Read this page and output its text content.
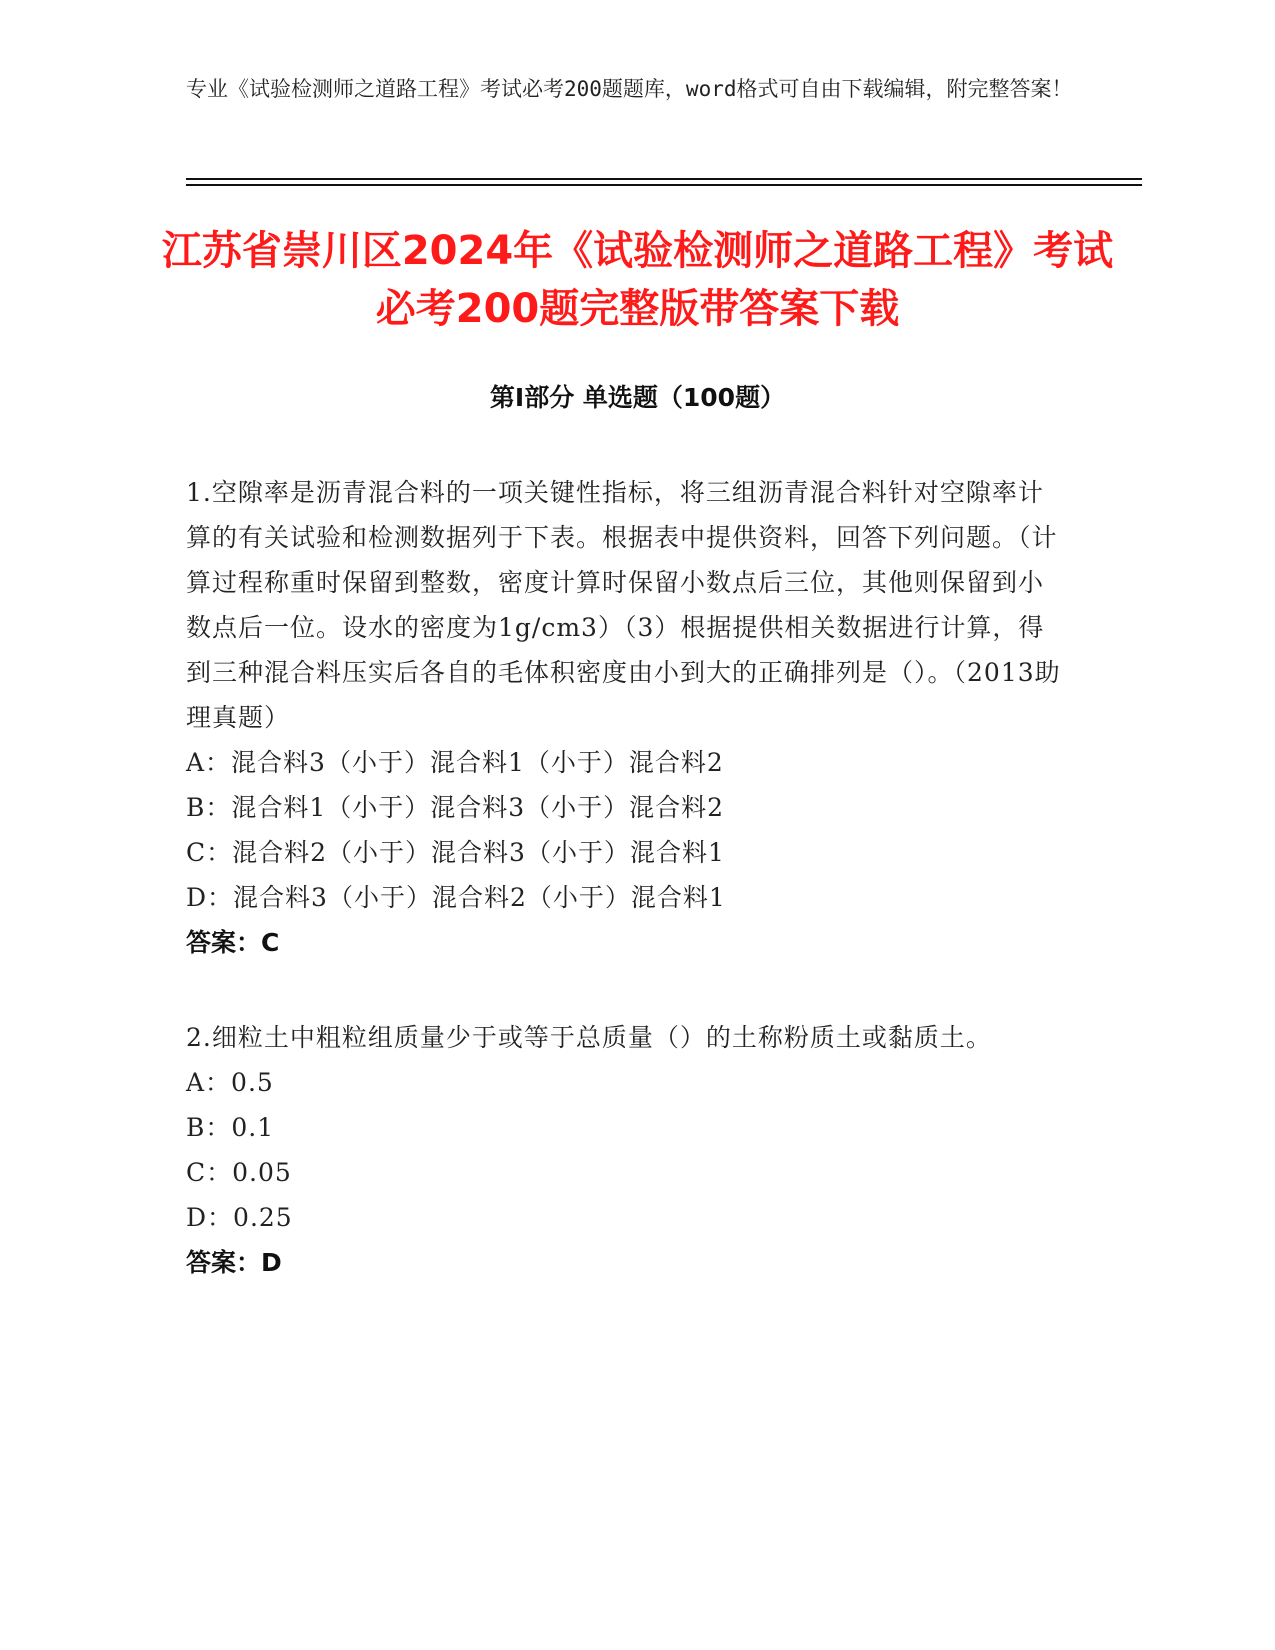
专业《试验检测师之道路工程》考试必考200题题库，word格式可自由下载编辑，附完整答案！
江苏省崇川区2024年《试验检测师之道路工程》考试必考200题完整版带答案下载
第Ⅰ部分 单选题（100题）
1.空隙率是沥青混合料的一项关键性指标，将三组沥青混合料针对空隙率计算的有关试验和检测数据列于下表。根据表中提供资料，回答下列问题。（计算过程称重时保留到整数，密度计算时保留小数点后三位，其他则保留到小数点后一位。设水的密度为1g/cm3）（3）根据提供相关数据进行计算，得到三种混合料压实后各自的毛体积密度由小到大的正确排列是（）。（2013助理真题）
A：混合料3（小于）混合料1（小于）混合料2
B：混合料1（小于）混合料3（小于）混合料2
C：混合料2（小于）混合料3（小于）混合料1
D：混合料3（小于）混合料2（小于）混合料1
答案：C
2.细粒土中粗粒组质量少于或等于总质量（）的土称粉质土或黏质土。
A：0.5
B：0.1
C：0.05
D：0.25
答案：D
